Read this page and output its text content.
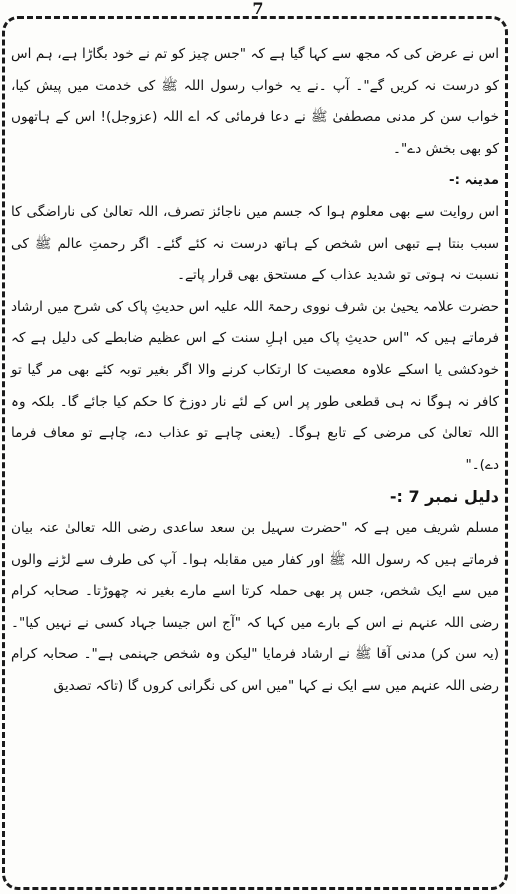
7

اس نے عرض کی کہ مجھ سے کہا گیا ہے کہ "جس چیز کو تم نے خود بگاڑا ہے، ہم اس کو درست نہ کریں گے"۔ آپ ۔نے یہ خواب رسول اللہ ﷺ کی خدمت میں پیش کیا، خواب سن کر مدنی مصطفیٰ ﷺ نے دعا فرمائی کہ اے اللہ (عزوجل)! اس کے ہاتھوں کو بھی بخش دے"۔

مدینہ :-

اس روایت سے بھی معلوم ہوا کہ جسم میں ناجائز تصرف، اللہ تعالیٰ کی ناراضگی کا سبب بنتا ہے تبھی اس شخص کے ہاتھ درست نہ کئے گئے۔ اگر رحمتِ عالم ﷺ کی نسبت نہ ہوتی تو شدید عذاب کے مستحق بھی قرار پاتے۔

حضرت علامہ یحییٰ بن شرف نووی رحمۃ اللہ علیہ اس حدیثِ پاک کی شرح میں ارشاد فرماتے ہیں کہ "اس حدیثِ پاک میں اہلِ سنت کے اس عظیم ضابطے کی دلیل ہے کہ خودکشی یا اسکے علاوہ معصیت کا ارتکاب کرنے والا اگر بغیر توبہ کئے بھی مر گیا تو کافر نہ ہوگا نہ ہی قطعی طور پر اس کے لئے نار دوزخ کا حکم کیا جائے گا۔ بلکہ وہ اللہ تعالیٰ کی مرضی کے تابع ہوگا۔ (یعنی چاہے تو عذاب دے، چاہے تو معاف فرما دے)۔"

دلیل نمبر 7 :-

مسلم شریف میں ہے کہ "حضرت سہیل بن سعد ساعدی رضی اللہ تعالیٰ عنہ بیان فرماتے ہیں کہ رسول اللہ ﷺ اور کفار میں مقابلہ ہوا۔ آپ کی طرف سے لڑنے والوں میں سے ایک شخص، جس پر بھی حملہ کرتا اسے مارے بغیر نہ چھوڑتا۔ صحابہ کرام رضی اللہ عنہم نے اس کے بارے میں کہا کہ "آج اس جیسا جہاد کسی نے نہیں کیا"۔ (یہ سن کر) مدنی آقا ﷺ نے ارشاد فرمایا "لیکن وہ شخص جہنمی ہے"۔ صحابہ کرام رضی اللہ عنہم میں سے ایک نے کہا "میں اس کی نگرانی کروں گا (تاکہ تصدیق
